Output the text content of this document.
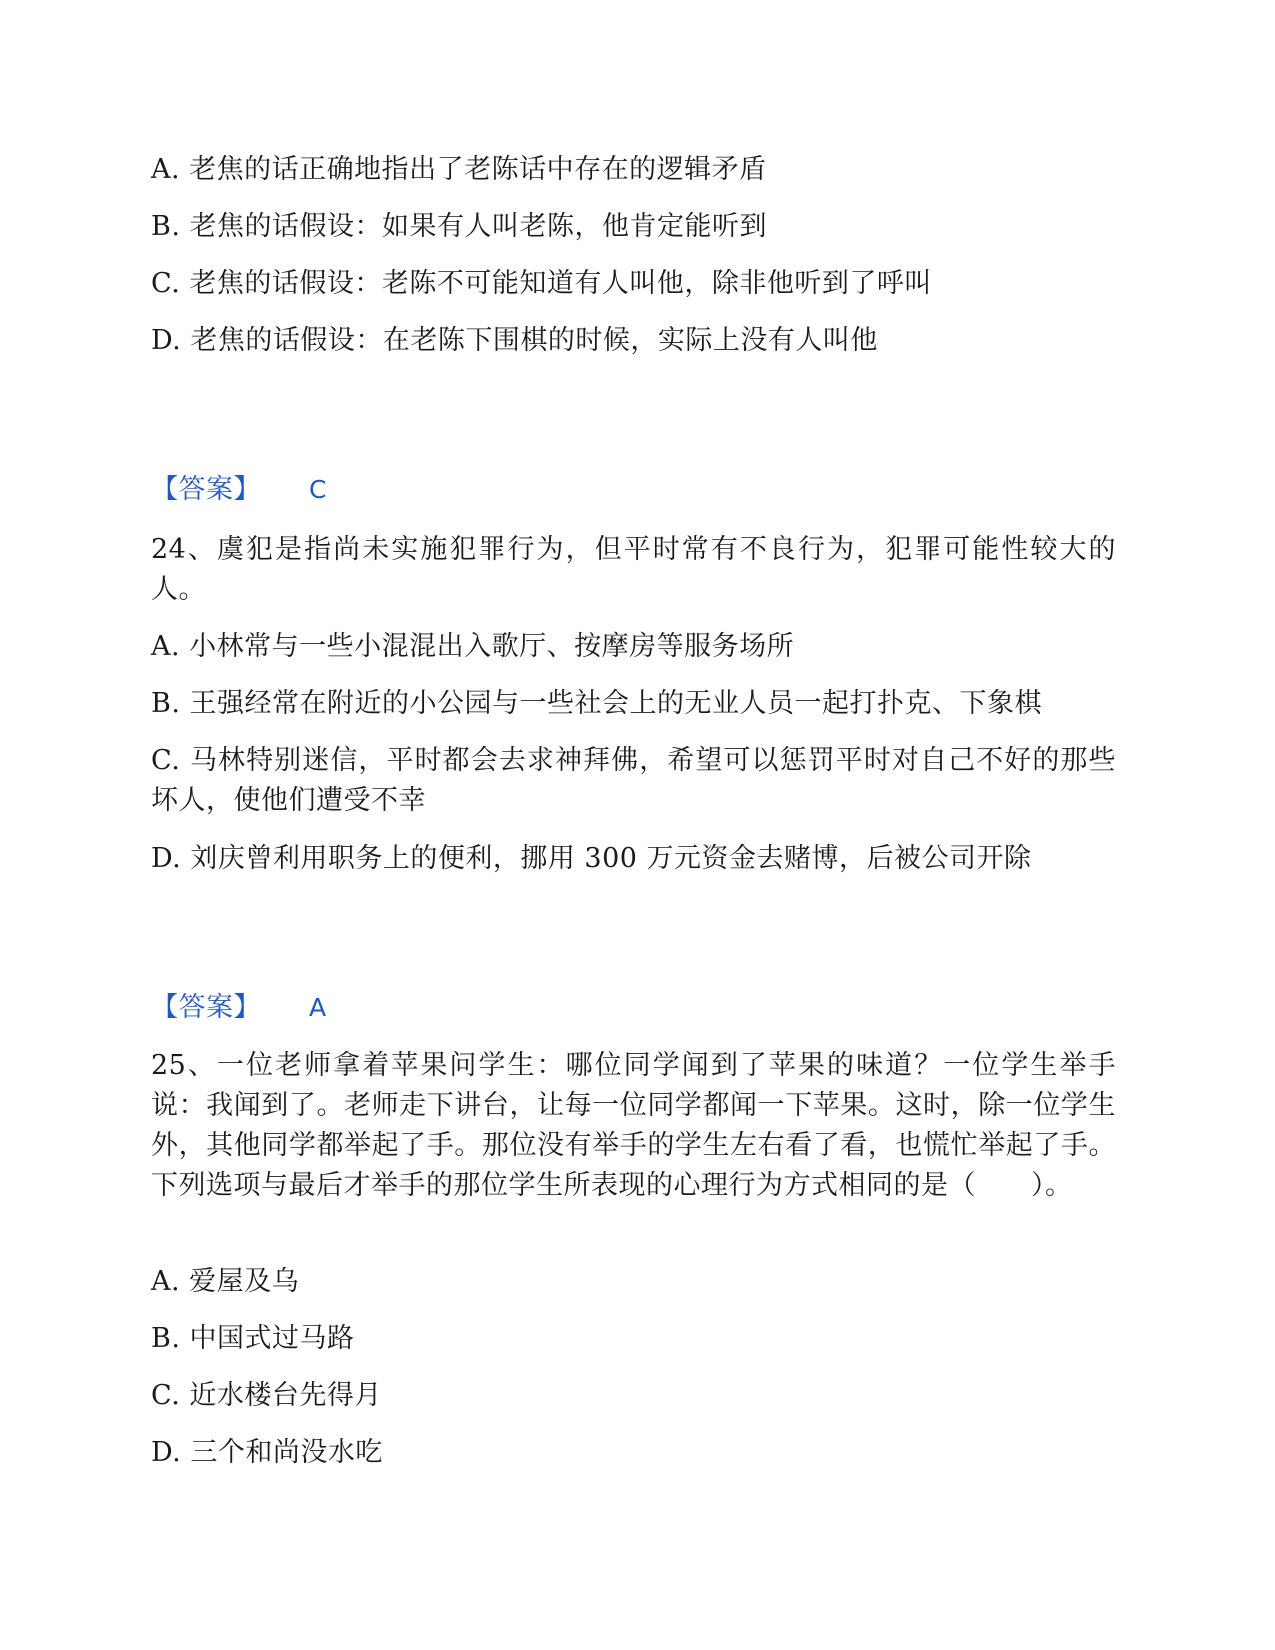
A. 老焦的话正确地指出了老陈话中存在的逻辑矛盾
B. 老焦的话假设：如果有人叫老陈，他肯定能听到
C. 老焦的话假设：老陈不可能知道有人叫他，除非他听到了呼叫
D. 老焦的话假设：在老陈下围棋的时候，实际上没有人叫他
【答案】 C

24、虞犯是指尚未实施犯罪行为，但平时常有不良行为，犯罪可能性较大的人。

A. 小林常与一些小混混出入歌厅、按摩房等服务场所
B. 王强经常在附近的小公园与一些社会上的无业人员一起打扑克、下象棋

C. 马林特别迷信，平时都会去求神拜佛，希望可以惩罚平时对自己不好的那些坏人，使他们遭受不幸

D. 刘庆曾利用职务上的便利，挪用 300 万元资金去赌博，后被公司开除
【答案】 A

25、一位老师拿着苹果问学生：哪位同学闻到了苹果的味道？一位学生举手说：我闻到了。老师走下讲台，让每一位同学都闻一下苹果。这时，除一位学生外，其他同学都举起了手。那位没有举手的学生左右看了看，也慌忙举起了手。下列选项与最后才举手的那位学生所表现的心理行为方式相同的是（　　）。

A. 爱屋及乌
B. 中国式过马路
C. 近水楼台先得月
D. 三个和尚没水吃
